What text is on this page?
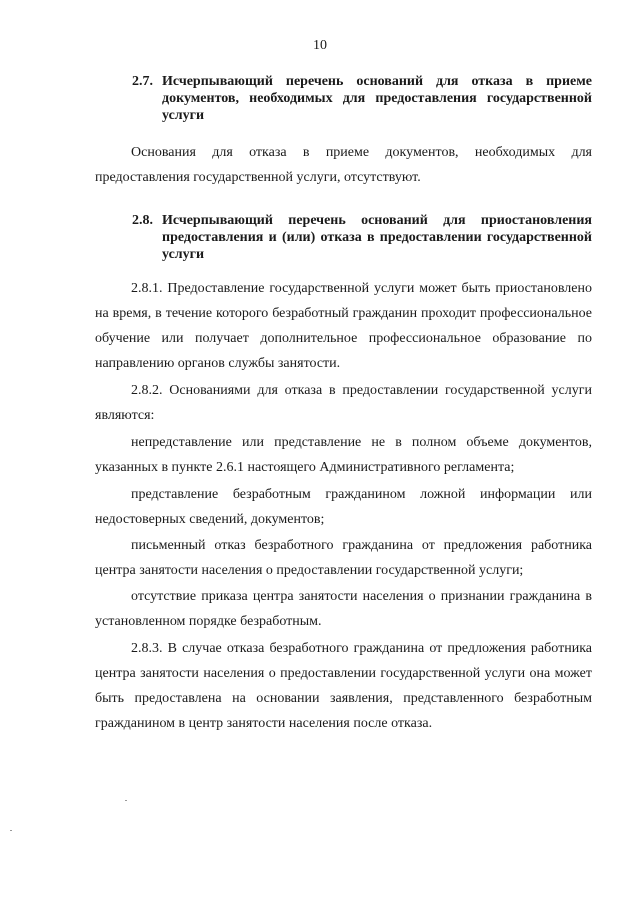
10
2.7. Исчерпывающий перечень оснований для отказа в приеме документов, необходимых для предоставления государственной услуги

Основания для отказа в приеме документов, необходимых для предоставления государственной услуги, отсутствуют.

2.8. Исчерпывающий перечень оснований для приостановления предоставления и (или) отказа в предоставлении государственной услуги

2.8.1. Предоставление государственной услуги может быть приостановлено на время, в течение которого безработный гражданин проходит профессиональное обучение или получает дополнительное профессиональное образование по направлению органов службы занятости.

2.8.2. Основаниями для отказа в предоставлении государственной услуги являются:

непредставление или представление не в полном объеме документов, указанных в пункте 2.6.1 настоящего Административного регламента;

представление безработным гражданином ложной информации или недостоверных сведений, документов;

письменный отказ безработного гражданина от предложения работника центра занятости населения о предоставлении государственной услуги;

отсутствие приказа центра занятости населения о признании гражданина в установленном порядке безработным.

2.8.3. В случае отказа безработного гражданина от предложения работника центра занятости населения о предоставлении государственной услуги она может быть предоставлена на основании заявления, представленного безработным гражданином в центр занятости населения после отказа.
